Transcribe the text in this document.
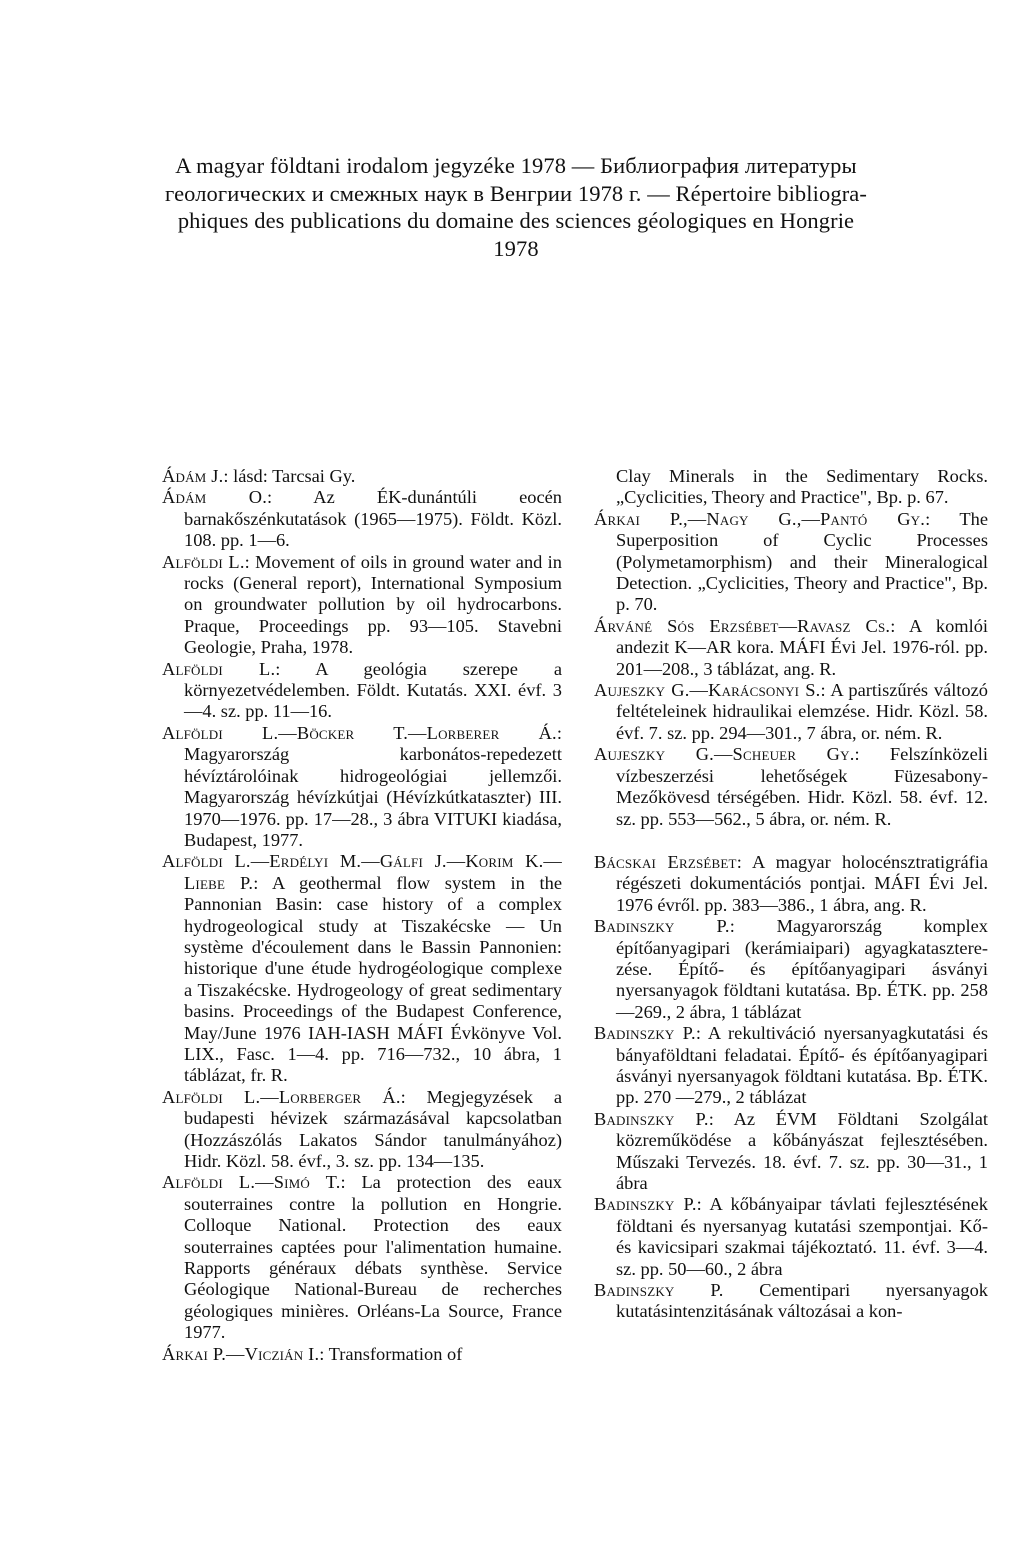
A magyar földtani irodalom jegyzéke 1978 — Библиография литературы
геологических и смежных наук в Венгрии 1978 г. — Répertoire bibliogra-
phiques des publications du domaine des sciences géologiques en Hongrie
1978

Ádám J.: lásd: Tarcsai Gy.

Ádám O.: Az ÉK-dunántúli eocén barnakőszénkutatások (1965—1975). Földt. Közl. 108. pp. 1—6.

Alföldi L.: Movement of oils in ground water and in rocks (General report), International Symposium on groundwater pollution by oil hydrocarbons. Praque, Proceedings pp. 93—105. Stavebni Geologie, Praha, 1978.

Alföldi L.: A geológia szerepe a környezetvédelemben. Földt. Kutatás. XXI. évf. 3—4. sz. pp. 11—16.

Alföldi L.—Böcker T.—Lorberer Á.: Magyarország karbonátos-repedezett hévíztárolóinak hidrogeológiai jellemzői. Magyarország hévízkútjai (Hévízkútkataszter) III. 1970—1976. pp. 17—28., 3 ábra VITUKI kiadása, Budapest, 1977.

Alföldi L.—Erdélyi M.—Gálfi J.—Korim K.—Liebe P.: A geothermal flow system in the Pannonian Basin: case history of a complex hydrogeological study at Tiszakécske — Un système d'écoulement dans le Bassin Pannonien: historique d'une étude hydrogéologique complexe a Tiszakécske. Hydrogeology of great sedimentary basins. Proceedings of the Budapest Conference, May/June 1976 IAH-IASH MÁFI Évkönyve Vol. LIX., Fasc. 1—4. pp. 716—732., 10 ábra, 1 táblázat, fr. R.

Alföldi L.—Lorberger Á.: Megjegyzések a budapesti hévizek származásával kapcsolatban (Hozzászólás Lakatos Sándor tanulmányához) Hidr. Közl. 58. évf., 3. sz. pp. 134—135.

Alföldi L.—Simó T.: La protection des eaux souterraines contre la pollution en Hongrie. Colloque National. Protection des eaux souterraines captées pour l'alimentation humaine. Rapports généraux débats synthèse. Service Géologique National-Bureau de recherches géologiques minières. Orléans-La Source, France 1977.

Árkai P.—Viczián I.: Transformation of

Clay Minerals in the Sedimentary Rocks. „Cyclicities, Theory and Practice", Bp. p. 67.

Árkai P.,—Nagy G.,—Pantó Gy.: The Superposition of Cyclic Processes (Polymetamorphism) and their Mineralogical Detection. „Cyclicities, Theory and Practice", Bp. p. 70.

Árváné Sós Erzsébet—Ravasz Cs.: A komlói andezit K—AR kora. MÁFI Évi Jel. 1976-ról. pp. 201—208., 3 táblázat, ang. R.

Aujeszky G.—Karácsonyi S.: A partiszűrés változó feltételeinek hidraulikai elemzése. Hidr. Közl. 58. évf. 7. sz. pp. 294—301., 7 ábra, or. ném. R.

Aujeszky G.—Scheuer Gy.: Felszínközeli vízbeszerzési lehetőségek Füzesabony-Mezőkövesd térségében. Hidr. Közl. 58. évf. 12. sz. pp. 553—562., 5 ábra, or. ném. R.

Bácskai Erzsébet: A magyar holocénsztratigráfia régészeti dokumentációs pontjai. MÁFI Évi Jel. 1976 évről. pp. 383—386., 1 ábra, ang. R.

Badinszky P.: Magyarország komplex építőanyagipari (kerámiaipari) agyagkataszterezése. Építő- és építőanyagipari ásványi nyersanyagok földtani kutatása. Bp. ÉTK. pp. 258—269., 2 ábra, 1 táblázat

Badinszky P.: A rekultiváció nyersanyagkutatási és bányaföldtani feladatai. Építő- és építőanyagipari ásványi nyersanyagok földtani kutatása. Bp. ÉTK. pp. 270 —279., 2 táblázat

Badinszky P.: Az ÉVM Földtani Szolgálat közreműködése a kőbányászat fejlesztésében. Műszaki Tervezés. 18. évf. 7. sz. pp. 30—31., 1 ábra

Badinszky P.: A kőbányaipar távlati fejlesztésének földtani és nyersanyag kutatási szempontjai. Kő- és kavicsipari szakmai tájékoztató. 11. évf. 3—4. sz. pp. 50—60., 2 ábra

Badinszky P. Cementipari nyersanyagok kutatásintenzitásának változásai a kon-
